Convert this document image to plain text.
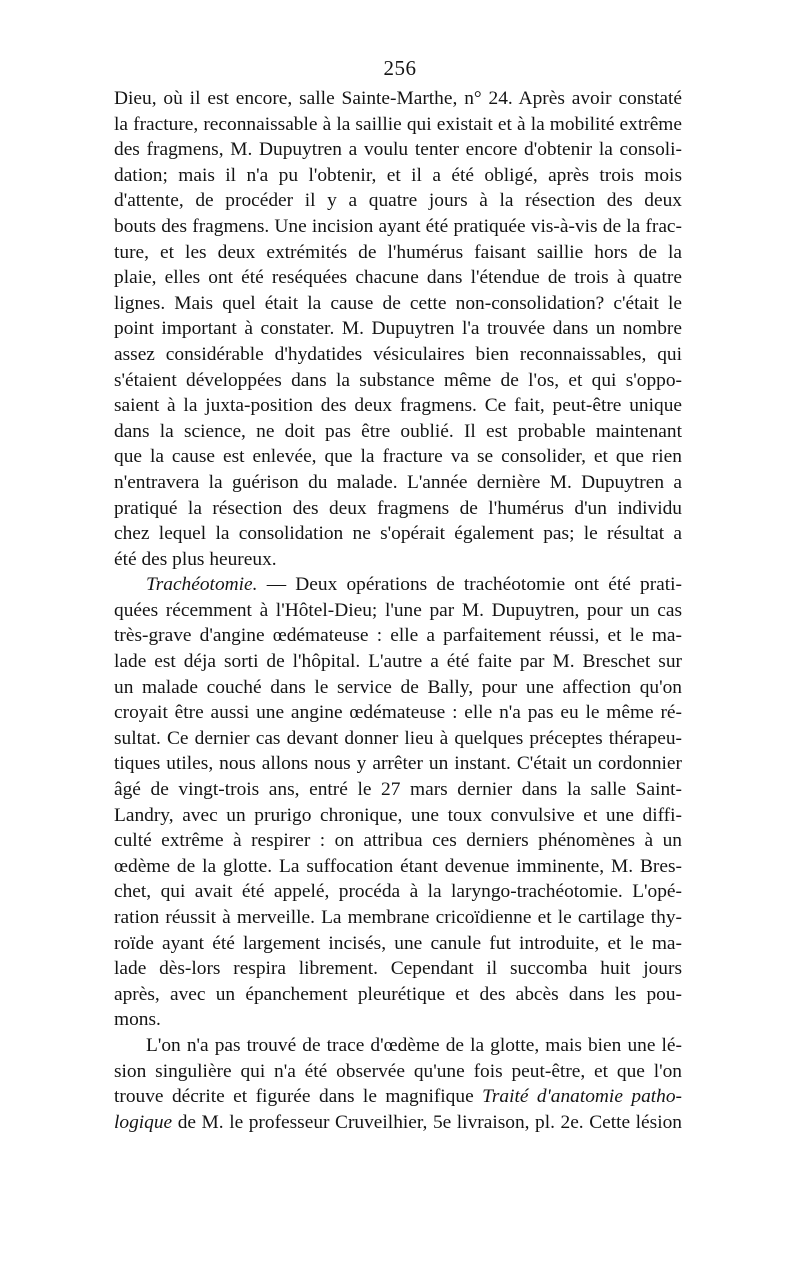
256
Dieu, où il est encore, salle Sainte-Marthe, n° 24. Après avoir constaté
la fracture, reconnaissable à la saillie qui existait et à la mobilité extrême
des fragmens, M. Dupuytren a voulu tenter encore d'obtenir la consoli-
dation; mais il n'a pu l'obtenir, et il a été obligé, après trois mois
d'attente, de procéder il y a quatre jours à la résection des deux
bouts des fragmens. Une incision ayant été pratiquée vis-à-vis de la frac-
ture, et les deux extrémités de l'humérus faisant saillie hors de la
plaie, elles ont été reséquées chacune dans l'étendue de trois à quatre
lignes. Mais quel était la cause de cette non-consolidation? c'était le
point important à constater. M. Dupuytren l'a trouvée dans un nombre
assez considérable d'hydatides vésiculaires bien reconnaissables, qui
s'étaient développées dans la substance même de l'os, et qui s'oppo-
saient à la juxta-position des deux fragmens. Ce fait, peut-être unique
dans la science, ne doit pas être oublié. Il est probable maintenant
que la cause est enlevée, que la fracture va se consolider, et que rien
n'entravera la guérison du malade. L'année dernière M. Dupuytren a
pratiqué la résection des deux fragmens de l'humérus d'un individu
chez lequel la consolidation ne s'opérait également pas; le résultat a
été des plus heureux.
Trachéotomie. — Deux opérations de trachéotomie ont été prati-
quées récemment à l'Hôtel-Dieu; l'une par M. Dupuytren, pour un cas
très-grave d'angine œdémateuse : elle a parfaitement réussi, et le ma-
lade est déja sorti de l'hôpital. L'autre a été faite par M. Breschet sur
un malade couché dans le service de Bally, pour une affection qu'on
croyait être aussi une angine œdémateuse : elle n'a pas eu le même ré-
sultat. Ce dernier cas devant donner lieu à quelques préceptes thérapeu-
tiques utiles, nous allons nous y arrêter un instant. C'était un cordonnier
âgé de vingt-trois ans, entré le 27 mars dernier dans la salle Saint-
Landry, avec un prurigo chronique, une toux convulsive et une diffi-
culté extrême à respirer : on attribua ces derniers phénomènes à un
œdème de la glotte. La suffocation étant devenue imminente, M. Bres-
chet, qui avait été appelé, procéda à la laryngo-trachéotomie. L'opé-
ration réussit à merveille. La membrane cricoïdienne et le cartilage thy-
roïde ayant été largement incisés, une canule fut introduite, et le ma-
lade dès-lors respira librement. Cependant il succomba huit jours
après, avec un épanchement pleurétique et des abcès dans les pou-
mons.
L'on n'a pas trouvé de trace d'œdème de la glotte, mais bien une lé-
sion singulière qui n'a été observée qu'une fois peut-être, et que l'on
trouve décrite et figurée dans le magnifique Traité d'anatomie patho-
logique de M. le professeur Cruveilhier, 5e livraison, pl. 2e. Cette lésion
